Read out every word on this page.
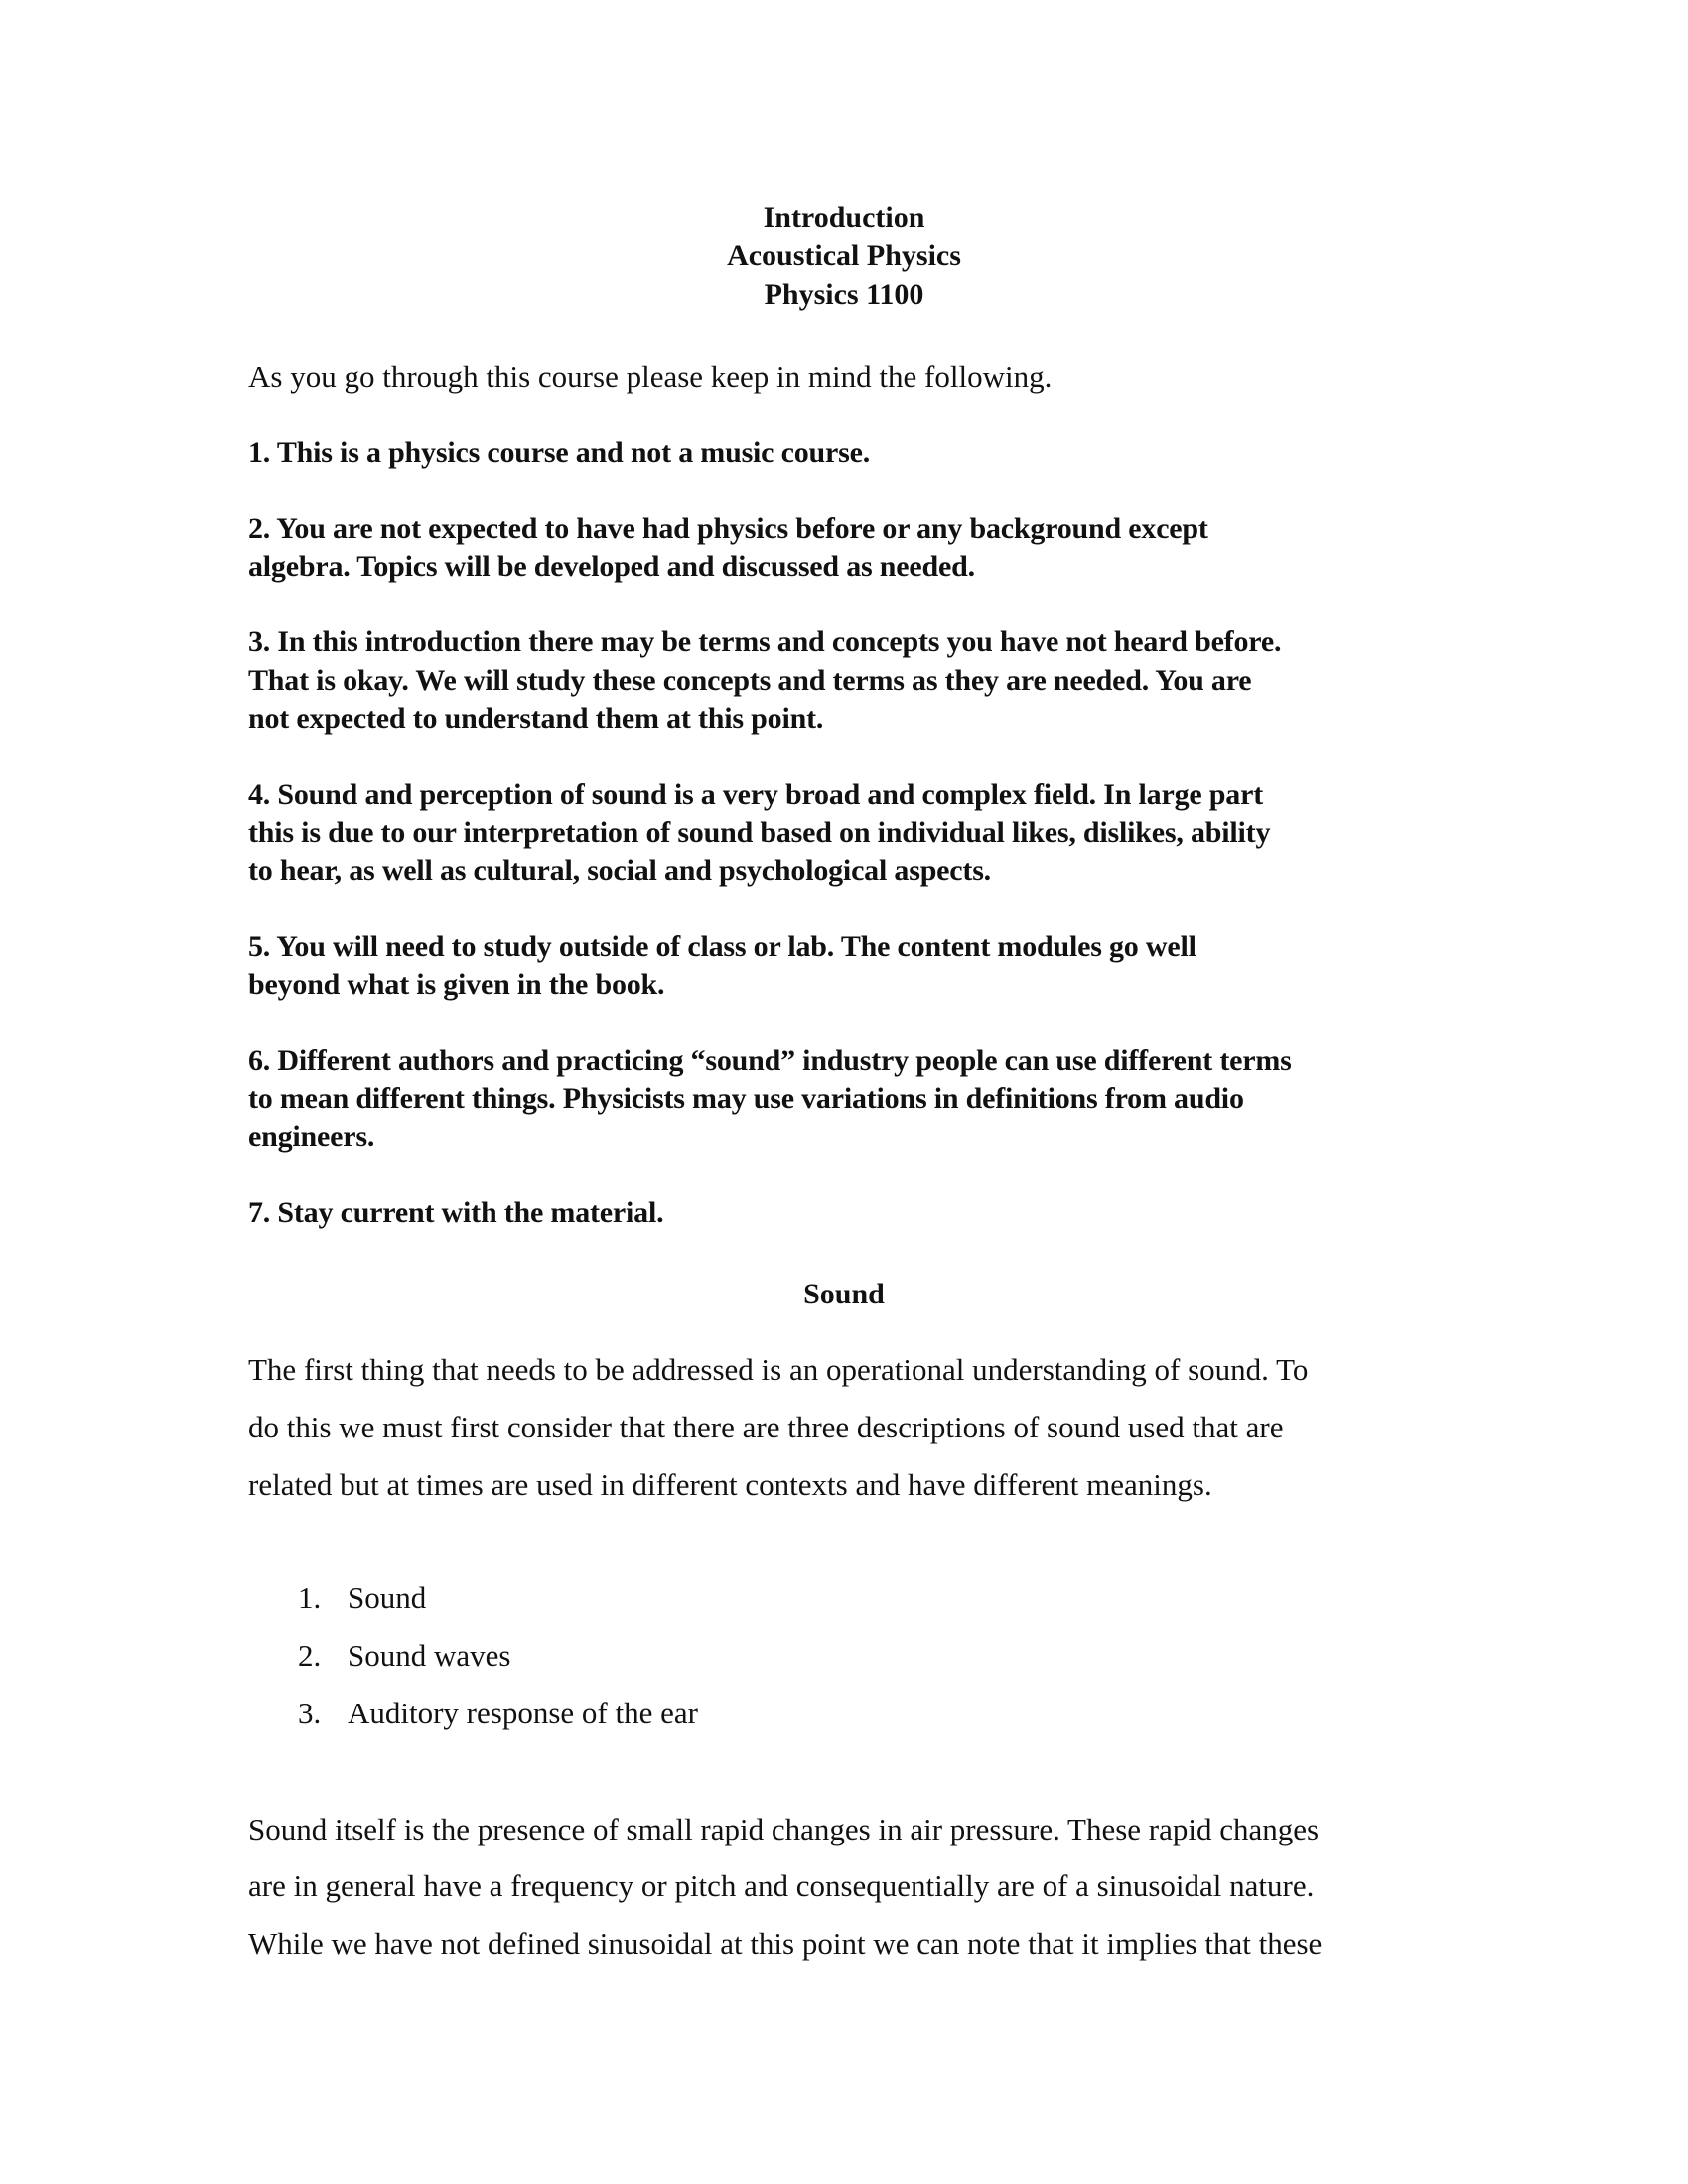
Introduction
Acoustical Physics
Physics 1100
As you go through this course please keep in mind the following.
1. This is a physics course and not a music course.
2. You are not expected to have had physics before or any background except
algebra. Topics will be developed and discussed as needed.
3. In this introduction there may be terms and concepts you have not heard before.
That is okay. We will study these concepts and terms as they are needed. You are
not expected to understand them at this point.
4. Sound and perception of sound is a very broad and complex field. In large part
this is due to our interpretation of sound based on individual likes, dislikes, ability
to hear, as well as cultural, social and psychological aspects.
5. You will need to study outside of class or lab. The content modules go well
beyond what is given in the book.
6. Different authors and practicing “sound” industry people can use different terms
to mean different things. Physicists may use variations in definitions from audio
engineers.
7. Stay current with the material.
Sound
The first thing that needs to be addressed is an operational understanding of sound. To
do this we must first consider that there are three descriptions of sound used that are
related but at times are used in different contexts and have different meanings.
1. Sound
2. Sound waves
3. Auditory response of the ear
Sound itself is the presence of small rapid changes in air pressure. These rapid changes
are in general have a frequency or pitch and consequentially are of a sinusoidal nature.
While we have not defined sinusoidal at this point we can note that it implies that these
